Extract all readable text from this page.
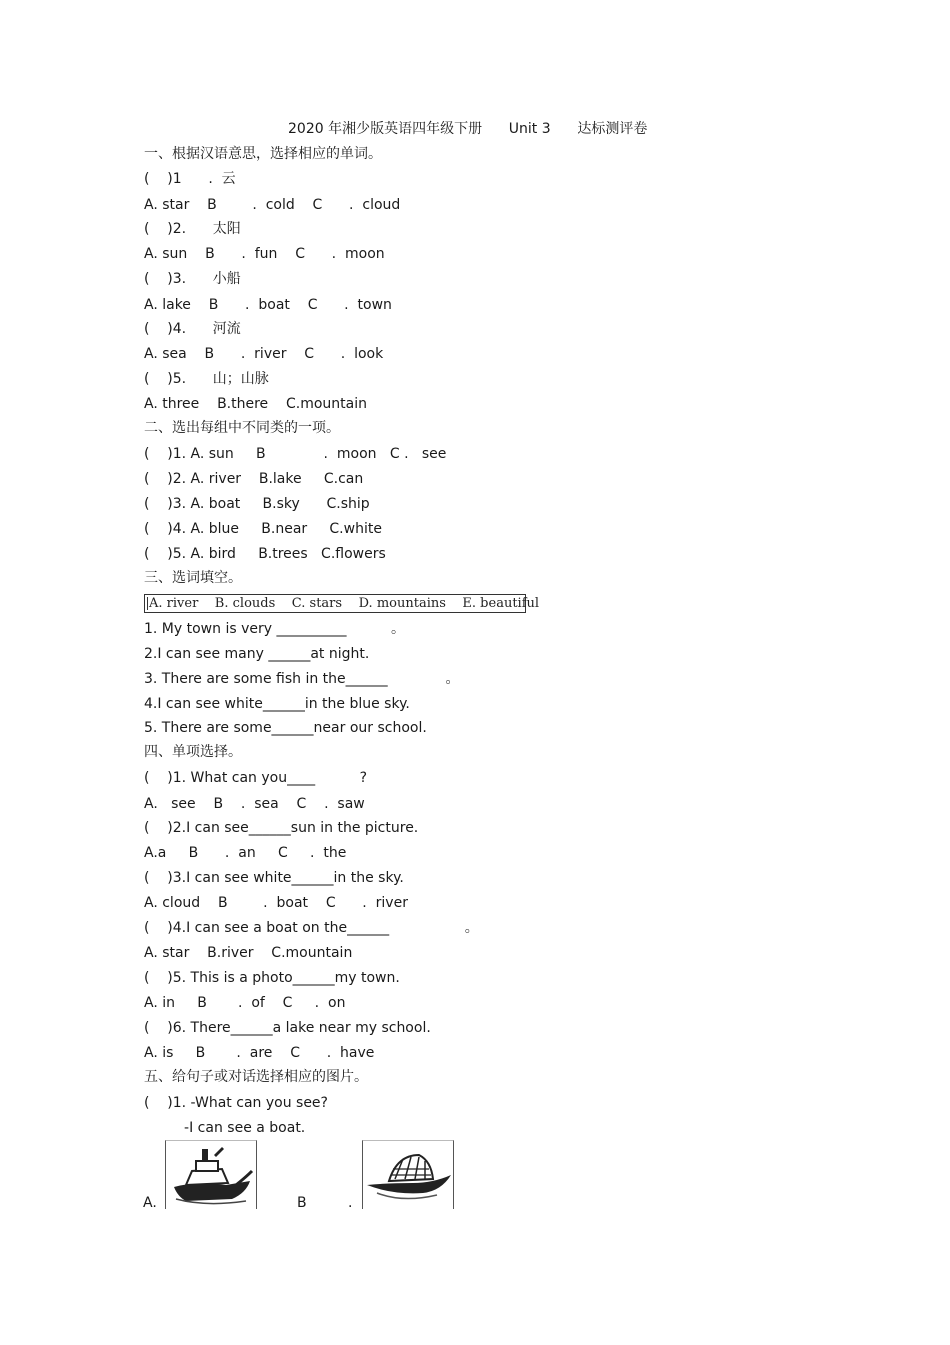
2020 年湘少版英语四年级下册      Unit 3      达标测评卷
一、根据汉语意思，选择相应的单词。
(    )1      .  云
A. star    B        .  cold    C      .  cloud
(    )2.      太阳
A. sun    B      .  fun    C      .  moon
(    )3.      小船
A. lake    B      .  boat    C      .  town
(    )4.      河流
A. sea    B      .  river    C      .  look
(    )5.      山；山脉
A. three    B.there    C.mountain
二、选出每组中不同类的一项。
(    )1. A. sun     B             .  moon   C .   see
(    )2. A. river    B.lake     C.can
(    )3. A. boat     B.sky      C.ship
(    )4. A. blue     B.near     C.white
(    )5. A. bird     B.trees   C.flowers
三、选词填空。
A. river    B. clouds    C. stars    D. mountains    E. beautiful
1. My town is very __________          。
2.I can see many ______at night.
3. There are some fish in the______             。
4.I can see white______in the blue sky.
5. There are some______near our school.
四、单项选择。
(    )1. What can you____          ?
A.   see    B    .  sea    C    .  saw
(    )2.I can see______sun in the picture.
A.a     B      .  an     C     .  the
(    )3.I can see white______in the sky.
A. cloud    B        .  boat    C      .  river
(    )4.I can see a boat on the______                 。
A. star    B.river    C.mountain
(    )5. This is a photo______my town.
A. in     B       .  of    C     .  on
(    )6. There______a lake near my school.
A. is     B       .  are    C      .  have
五、给句子或对话选择相应的图片。
(    )1. -What can you see?
-I can see a boat.
A.	B	.
